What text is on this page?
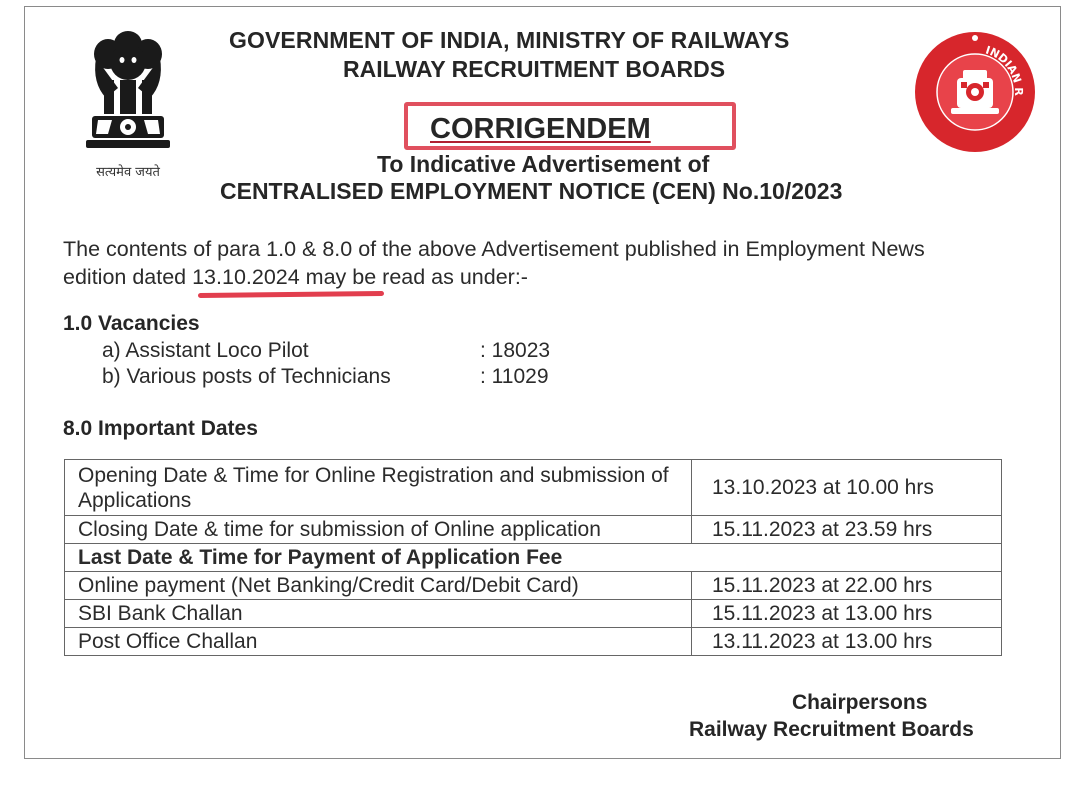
सत्यमेव जयते
INDIAN R
GOVERNMENT OF INDIA, MINISTRY OF RAILWAYS
RAILWAY RECRUITMENT BOARDS
CORRIGENDEM
To Indicative Advertisement of
CENTRALISED EMPLOYMENT NOTICE (CEN) No.10/2023
The contents of para 1.0 & 8.0 of the above Advertisement published in Employment News
edition dated 13.10.2024 may be read as under:-
1.0 Vacancies
a) Assistant Loco Pilot	: 18023
b) Various posts of Technicians	: 11029
8.0 Important Dates
Opening Date & Time for Online Registration and submission of Applications	13.10.2023 at 10.00 hrs
Closing Date & time for submission of Online application	15.11.2023 at 23.59 hrs
Last Date & Time for Payment of Application Fee	
Online payment (Net Banking/Credit Card/Debit Card)	15.11.2023 at 22.00 hrs
SBI Bank Challan	15.11.2023 at 13.00 hrs
Post Office Challan	13.11.2023 at 13.00 hrs
Chairpersons
Railway Recruitment Boards
